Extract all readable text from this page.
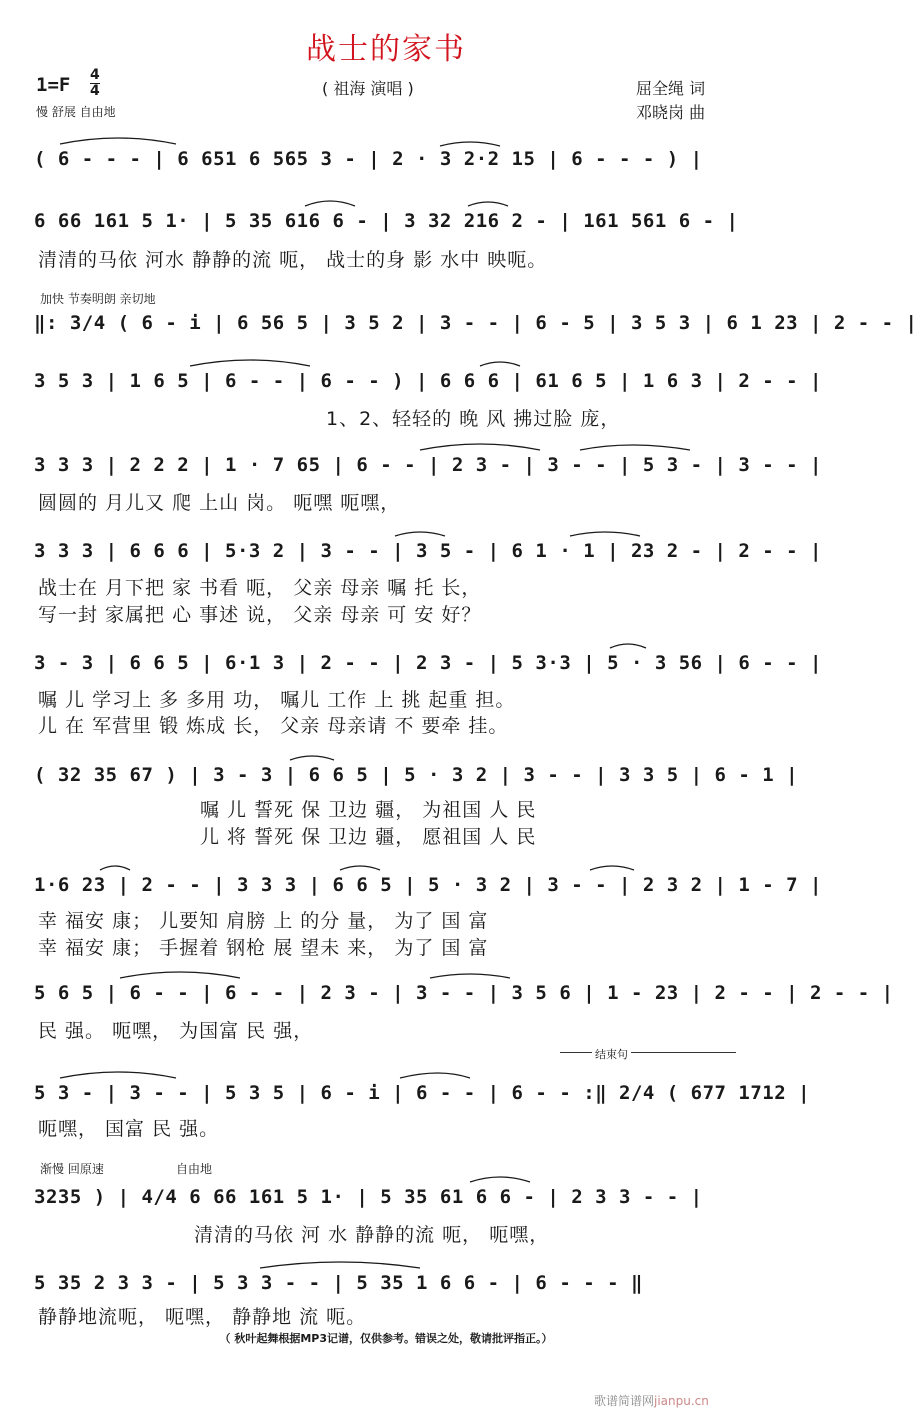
战士的家书
1=F 4
4	( 祖海 演唱 )	屈全绳 词
邓晓岗 曲
慢 舒展 自由地
加快 节奏明朗 亲切地
渐慢 回原速	自由地
结束句
( 6 - - - | 6 651 6 565 3 - | 2 · 3 2·2 15 | 6 - - - ) |
6 66 161 5 1· | 5 35 616 6 - | 3 32 216 2 - | 161 561 6 - |
清清的马依 河水 静静的流 呃， 战士的身 影 水中 映呃。
‖: 3/4 ( 6 - i | 6 56 5 | 3 5 2 | 3 - - | 6 - 5 | 3 5 3 | 6 1 23 | 2 - - |
3 5 3 | 1 6 5 | 6 - - | 6 - - ) | 6 6 6 | 61 6 5 | 1 6 3 | 2 - - |
1、2、轻轻的 晚 风 拂过脸 庞，
3 3 3 | 2 2 2 | 1 · 7 65 | 6 - - | 2 3 - | 3 - - | 5 3 - | 3 - - |
圆圆的 月儿又 爬 上山 岗。 呃嘿 呃嘿，
3 3 3 | 6 6 6 | 5·3 2 | 3 - - | 3 5 - | 6 1 · 1 | 23 2 - | 2 - - |
战士在 月下把 家 书看 呃， 父亲 母亲 嘱 托 长，
写一封 家属把 心 事述 说， 父亲 母亲 可 安 好？
3 - 3 | 6 6 5 | 6·1 3 | 2 - - | 2 3 - | 5 3·3 | 5 · 3 56 | 6 - - |
嘱 儿 学习上 多 多用 功， 嘱儿 工作 上 挑 起重 担。
儿 在 军营里 锻 炼成 长， 父亲 母亲请 不 要牵 挂。
( 32 35 67 ) | 3 - 3 | 6 6 5 | 5 · 3 2 | 3 - - | 3 3 5 | 6 - 1 |
嘱 儿 誓死 保 卫边 疆， 为祖国 人 民
儿 将 誓死 保 卫边 疆， 愿祖国 人 民
1·6 23 | 2 - - | 3 3 3 | 6 6 5 | 5 · 3 2 | 3 - - | 2 3 2 | 1 - 7 |
幸 福安 康； 儿要知 肩膀 上 的分 量， 为了 国 富
幸 福安 康； 手握着 钢枪 展 望未 来， 为了 国 富
5 6 5 | 6 - - | 6 - - | 2 3 - | 3 - - | 3 5 6 | 1 - 23 | 2 - - | 2 - - |
民 强。 呃嘿， 为国富 民 强，
5 3 - | 3 - - | 5 3 5 | 6 - i | 6 - - | 6 - - :‖ 2/4 ( 677 1712 |
呃嘿， 国富 民 强。
3235 ) | 4/4 6 66 161 5 1· | 5 35 61 6 6 - | 2 3 3 - - |
清清的马依 河 水 静静的流 呃， 呃嘿，
5 35 2 3 3 - | 5 3 3 - - | 5 35 1 6 6 - | 6 - - - ‖
静静地流呃， 呃嘿， 静静地 流 呃。
（ 秋叶起舞根据MP3记谱，仅供参考。错误之处，敬请批评指正。）
歌谱简谱网jianpu.cn
